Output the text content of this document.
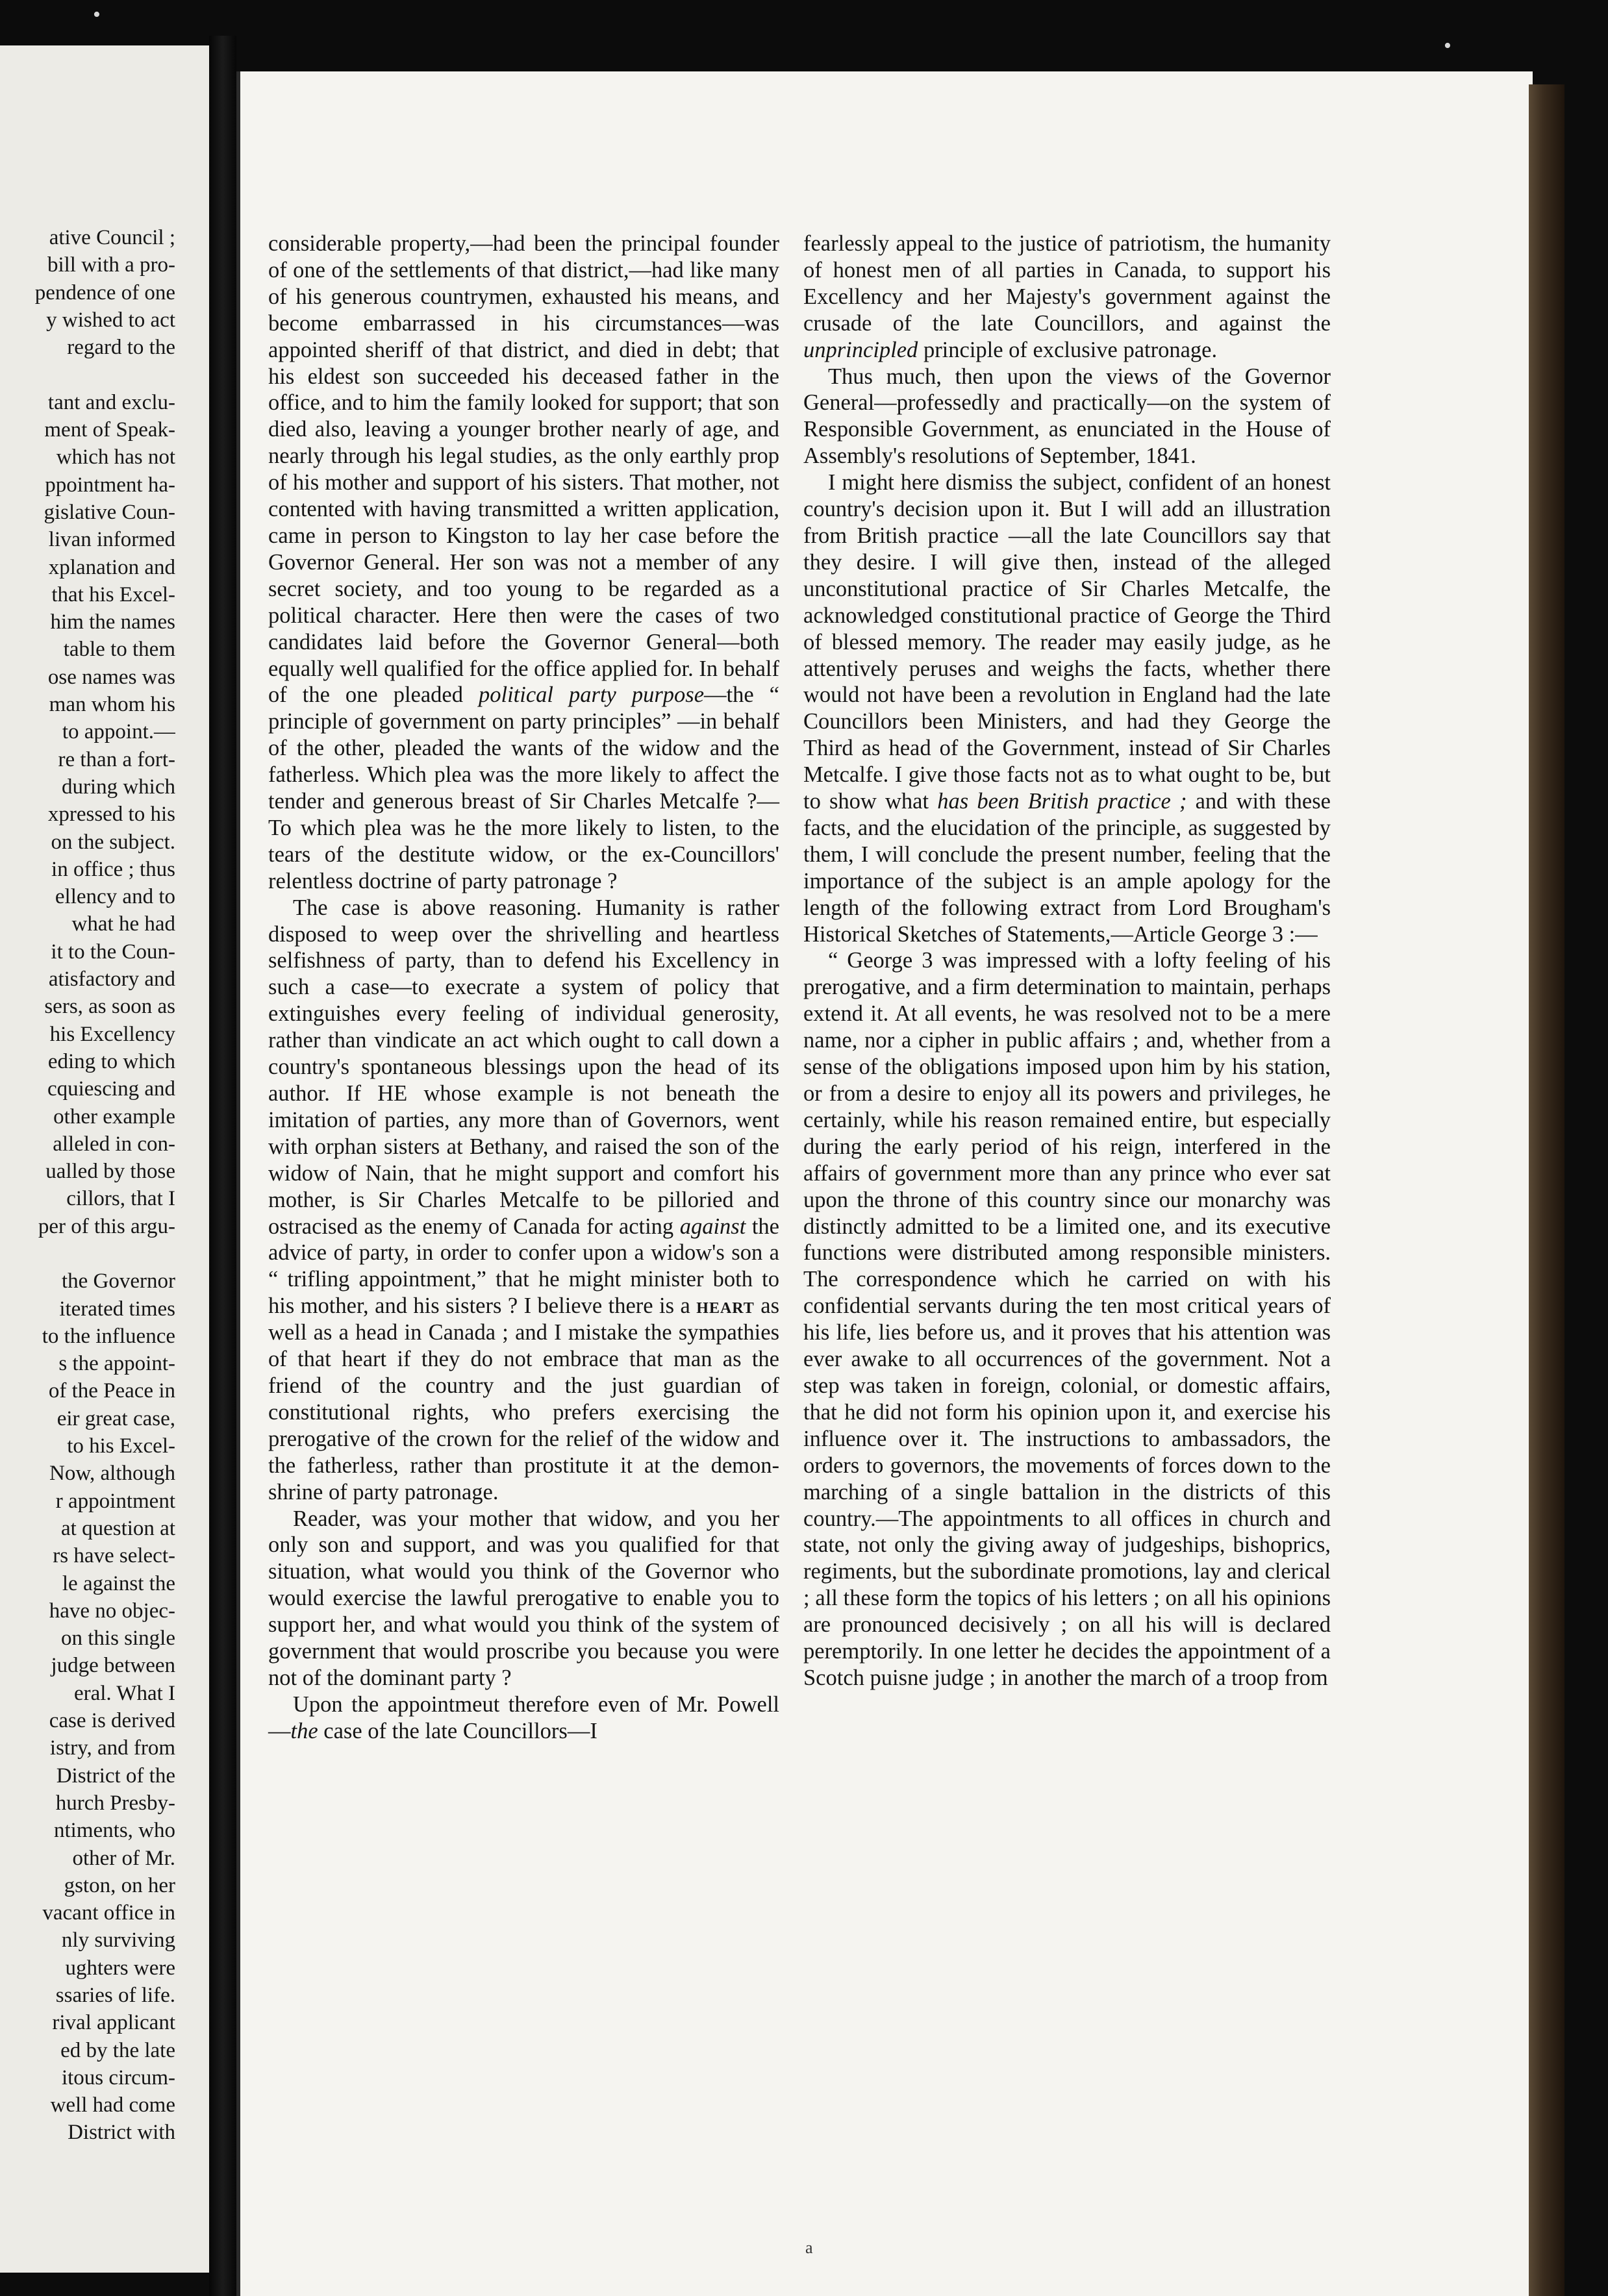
ative Council ;
bill with a pro-
pendence of one
y wished to act
regard to the

tant and exclu-
ment of Speak-
which has not
ppointment ha-
gislative Coun-
livan informed
xplanation and
that his Excel-
him the names
table to them
ose names was
man whom his
to appoint.—
re than a fort-
during which
xpressed to his
on the subject.
in office ; thus
ellency and to
what he had
it to the Coun-
atisfactory and
sers, as soon as
his Excellency
eding to which
cquiescing and
other example
alleled in con-
ualled by those
cillors, that I
per of this argu-

the Governor
iterated times
to the influence
s the appoint-
of the Peace in
eir great case,
to his Excel-
Now, although
r appointment
at question at
rs have select-
le against the
have no objec-
on this single
judge between
eral. What I
case is derived
istry, and from
District of the
hurch Presby-
ntiments, who
other of Mr.
gston, on her
vacant office in
nly surviving
ughters were
ssaries of life.
rival applicant
ed by the late
itous circum-
well had come
District with
•
•

considerable property,—had been the principal founder of one of the settlements of that district,—had like many of his generous countrymen, exhausted his means, and become embarrassed in his circumstances—was appointed sheriff of that district, and died in debt; that his eldest son succeeded his deceased father in the office, and to him the family looked for support; that son died also, leaving a younger brother nearly of age, and nearly through his legal studies, as the only earthly prop of his mother and support of his sisters. That mother, not contented with having transmitted a written application, came in person to Kingston to lay her case before the Governor General. Her son was not a member of any secret society, and too young to be regarded as a political character. Here then were the cases of two candidates laid before the Governor General—both equally well qualified for the office applied for. In behalf of the one pleaded political party purpose—the “ principle of government on party principles” —in behalf of the other, pleaded the wants of the widow and the fatherless. Which plea was the more likely to affect the tender and generous breast of Sir Charles Metcalfe ?—To which plea was he the more likely to listen, to the tears of the destitute widow, or the ex-Councillors' relentless doctrine of party patronage ?

The case is above reasoning. Humanity is rather disposed to weep over the shrivelling and heartless selfishness of party, than to defend his Excellency in such a case—to execrate a system of policy that extinguishes every feeling of individual generosity, rather than vindicate an act which ought to call down a country's spontaneous blessings upon the head of its author. If HE whose example is not beneath the imitation of parties, any more than of Governors, went with orphan sisters at Bethany, and raised the son of the widow of Nain, that he might support and comfort his mother, is Sir Charles Metcalfe to be pilloried and ostracised as the enemy of Canada for acting against the advice of party, in order to confer upon a widow's son a “ trifling appointment,” that he might minister both to his mother, and his sisters ? I believe there is a heart as well as a head in Canada ; and I mistake the sympathies of that heart if they do not embrace that man as the friend of the country and the just guardian of constitutional rights, who prefers exercising the prerogative of the crown for the relief of the widow and the fatherless, rather than prostitute it at the demon-shrine of party patronage.

Reader, was your mother that widow, and you her only son and support, and was you qualified for that situation, what would you think of the Governor who would exercise the lawful prerogative to enable you to support her, and what would you think of the system of government that would proscribe you because you were not of the dominant party ?

Upon the appointmeut therefore even of Mr. Powell—the case of the late Councillors—I

fearlessly appeal to the justice of patriotism, the humanity of honest men of all parties in Canada, to support his Excellency and her Majesty's government against the crusade of the late Councillors, and against the unprincipled principle of exclusive patronage.

Thus much, then upon the views of the Governor General—professedly and practically—on the system of Responsible Government, as enunciated in the House of Assembly's resolutions of September, 1841.

I might here dismiss the subject, confident of an honest country's decision upon it. But I will add an illustration from British practice —all the late Councillors say that they desire. I will give then, instead of the alleged unconstitutional practice of Sir Charles Metcalfe, the acknowledged constitutional practice of George the Third of blessed memory. The reader may easily judge, as he attentively peruses and weighs the facts, whether there would not have been a revolution in England had the late Councillors been Ministers, and had they George the Third as head of the Government, instead of Sir Charles Metcalfe. I give those facts not as to what ought to be, but to show what has been British practice ; and with these facts, and the elucidation of the principle, as suggested by them, I will conclude the present number, feeling that the importance of the subject is an ample apology for the length of the following extract from Lord Brougham's Historical Sketches of Statements,—Article George 3 :—

“ George 3 was impressed with a lofty feeling of his prerogative, and a firm determination to maintain, perhaps extend it. At all events, he was resolved not to be a mere name, nor a cipher in public affairs ; and, whether from a sense of the obligations imposed upon him by his station, or from a desire to enjoy all its powers and privileges, he certainly, while his reason remained entire, but especially during the early period of his reign, interfered in the affairs of government more than any prince who ever sat upon the throne of this country since our monarchy was distinctly admitted to be a limited one, and its executive functions were distributed among responsible ministers. The correspondence which he carried on with his confidential servants during the ten most critical years of his life, lies before us, and it proves that his attention was ever awake to all occurrences of the government. Not a step was taken in foreign, colonial, or domestic affairs, that he did not form his opinion upon it, and exercise his influence over it. The instructions to ambassadors, the orders to governors, the movements of forces down to the marching of a single battalion in the districts of this country.—The appointments to all offices in church and state, not only the giving away of judgeships, bishoprics, regiments, but the subordinate promotions, lay and clerical ; all these form the topics of his letters ; on all his opinions are pronounced decisively ; on all his will is declared peremptorily. In one letter he decides the appointment of a Scotch puisne judge ; in another the march of a troop from

a
